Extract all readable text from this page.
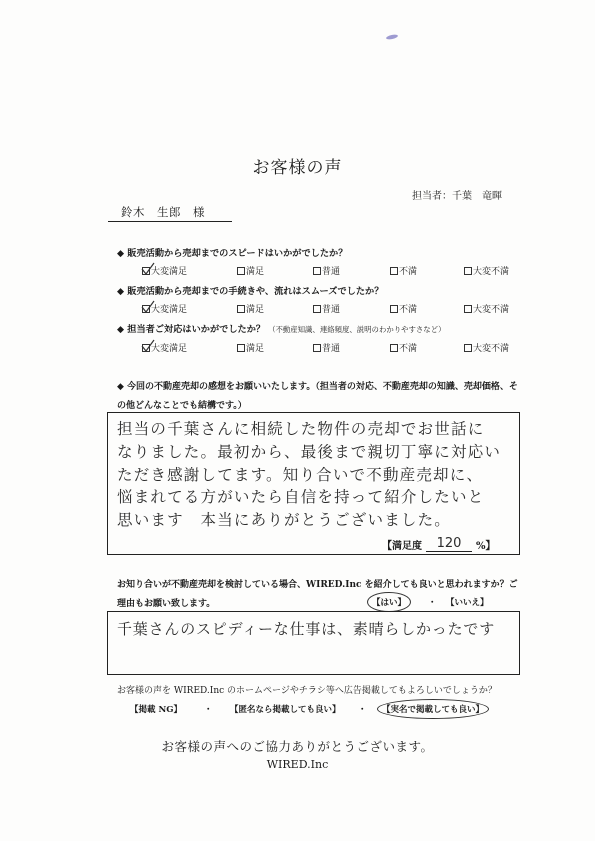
お客様の声
担当者：千葉　竜暉
鈴木　生郎　様
◆ 販売活動から売却までのスピードはいかがでしたか？
大変満足	満足	普通	不満	大変不満
◆ 販売活動から売却までの手続きや、流れはスムーズでしたか？
大変満足	満足	普通	不満	大変不満
◆ 担当者ご対応はいかがでしたか？ （不動産知識、連絡頻度、説明のわかりやすさなど）
大変満足	満足	普通	不満	大変不満
◆ 今回の不動産売却の感想をお願いいたします。（担当者の対応、不動産売却の知識、売却価格、その他どんなことでも結構です。）
担当の千葉さんに相続した物件の売却でお世話に
なりました。最初から、最後まで親切丁寧に対応い
ただき感謝してます。知り合いで不動産売却に、
悩まれてる方がいたら自信を持って紹介したいと
思います　本当にありがとうございました。
【満足度	120	%】
お知り合いが不動産売却を検討している場合、WIRED.Inc を紹介しても良いと思われますか？ご理由もお願い致します。	【はい】	・ 【いいえ】
千葉さんのスピディーな仕事は、素晴らしかったです
お客様の声を WIRED.Inc のホームページやチラシ等へ広告掲載してもよろしいでしょうか？
【掲載 NG】	・ 【匿名なら掲載しても良い】 ・ 【実名で掲載しても良い】
お客様の声へのご協力ありがとうございます。
WIRED.Inc
